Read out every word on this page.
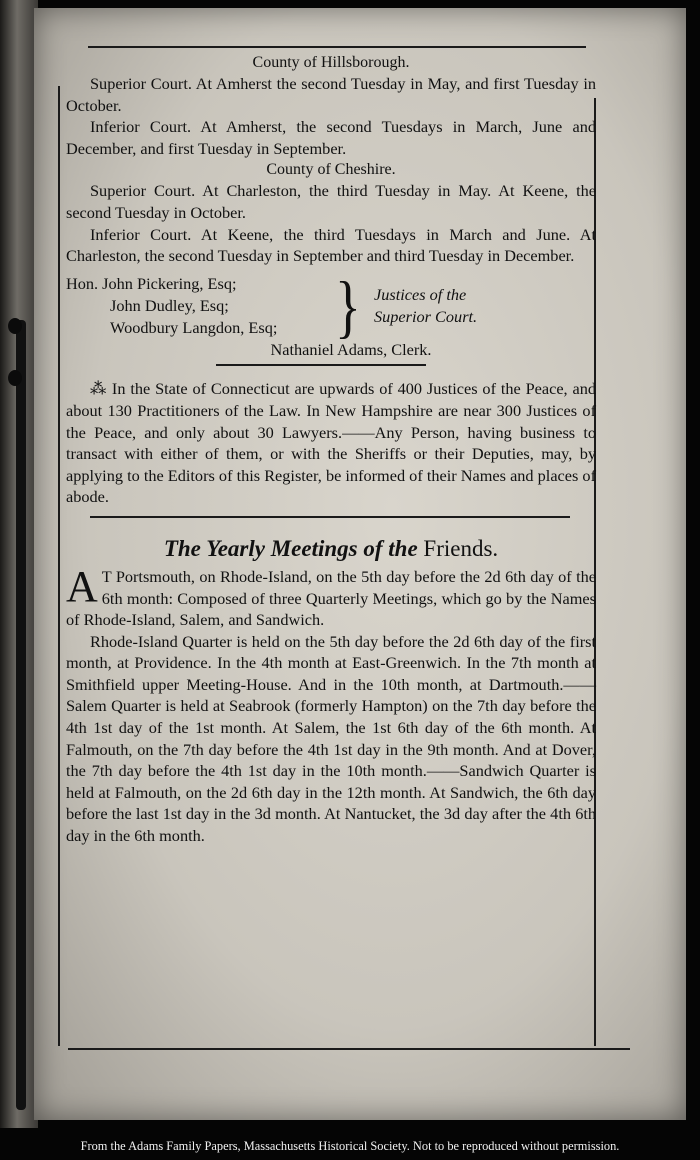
County of Hillsborough.

Superior Court. At Amherst the second Tuesday in May, and first Tuesday in October.

Inferior Court. At Amherst, the second Tuesdays in March, June and December, and first Tuesday in September.

County of Cheshire.

Superior Court. At Charleston, the third Tuesday in May. At Keene, the second Tuesday in October.

Inferior Court. At Keene, the third Tuesdays in March and June. At Charleston, the second Tuesday in September and third Tuesday in December.

Hon. John Pickering, Esq;
John Dudley, Esq;
Woodbury Langdon, Esq;	} Justices of the
Superior Court.

Nathaniel Adams, Clerk.

⁂ In the State of Connecticut are upwards of 400 Justices of the Peace, and about 130 Practitioners of the Law. In New Hampshire are near 300 Justices of the Peace, and only about 30 Lawyers.——Any Person, having business to transact with either of them, or with the Sheriffs or their Deputies, may, by applying to the Editors of this Register, be informed of their Names and places of abode.

The Yearly Meetings of the Friends.

A T Portsmouth, on Rhode-Island, on the 5th day before the 2d 6th day of the 6th month: Composed of three Quarterly Meetings, which go by the Names of Rhode-Island, Salem, and Sandwich.

Rhode-Island Quarter is held on the 5th day before the 2d 6th day of the first month, at Providence. In the 4th month at East-Greenwich. In the 7th month at Smithfield upper Meeting-House. And in the 10th month, at Dartmouth.——Salem Quarter is held at Seabrook (formerly Hampton) on the 7th day before the 4th 1st day of the 1st month. At Salem, the 1st 6th day of the 6th month. At Falmouth, on the 7th day before the 4th 1st day in the 9th month. And at Dover, the 7th day before the 4th 1st day in the 10th month.——Sandwich Quarter is held at Falmouth, on the 2d 6th day in the 12th month. At Sandwich, the 6th day before the last 1st day in the 3d month. At Nantucket, the 3d day after the 4th 6th day in the 6th month.

From the Adams Family Papers, Massachusetts Historical Society. Not to be reproduced without permission.
